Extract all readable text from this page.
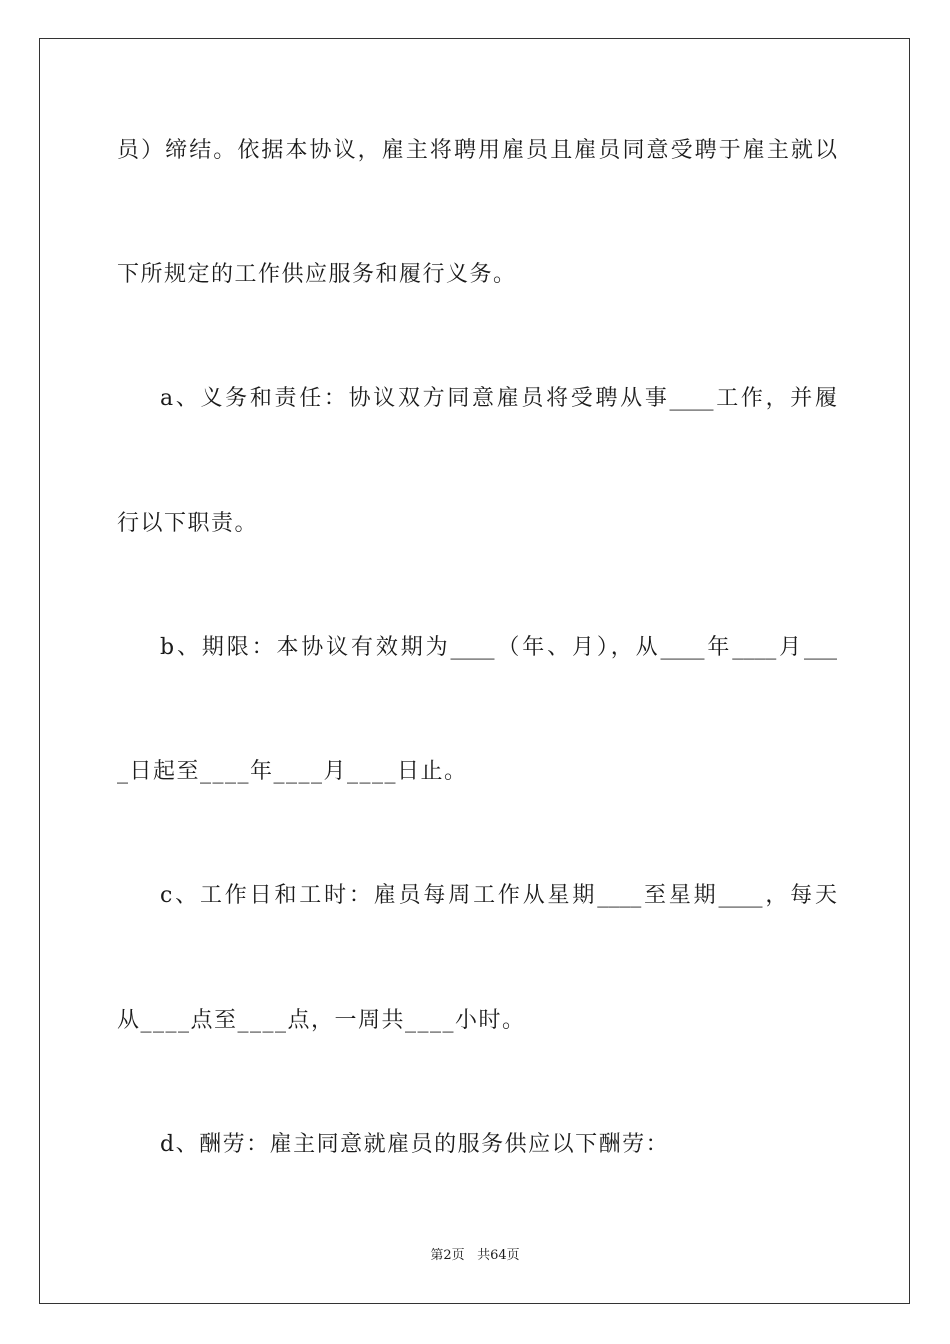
员）缔结。依据本协议，雇主将聘用雇员且雇员同意受聘于雇主就以
下所规定的工作供应服务和履行义务。
a、义务和责任：协议双方同意雇员将受聘从事____工作，并履
行以下职责。
b、期限：本协议有效期为____（年、月），从____年____月___
_日起至____年____月____日止。
c、工作日和工时：雇员每周工作从星期____至星期____，每天
从____点至____点，一周共____小时。
d、酬劳：雇主同意就雇员的服务供应以下酬劳：
第2页 共64页
